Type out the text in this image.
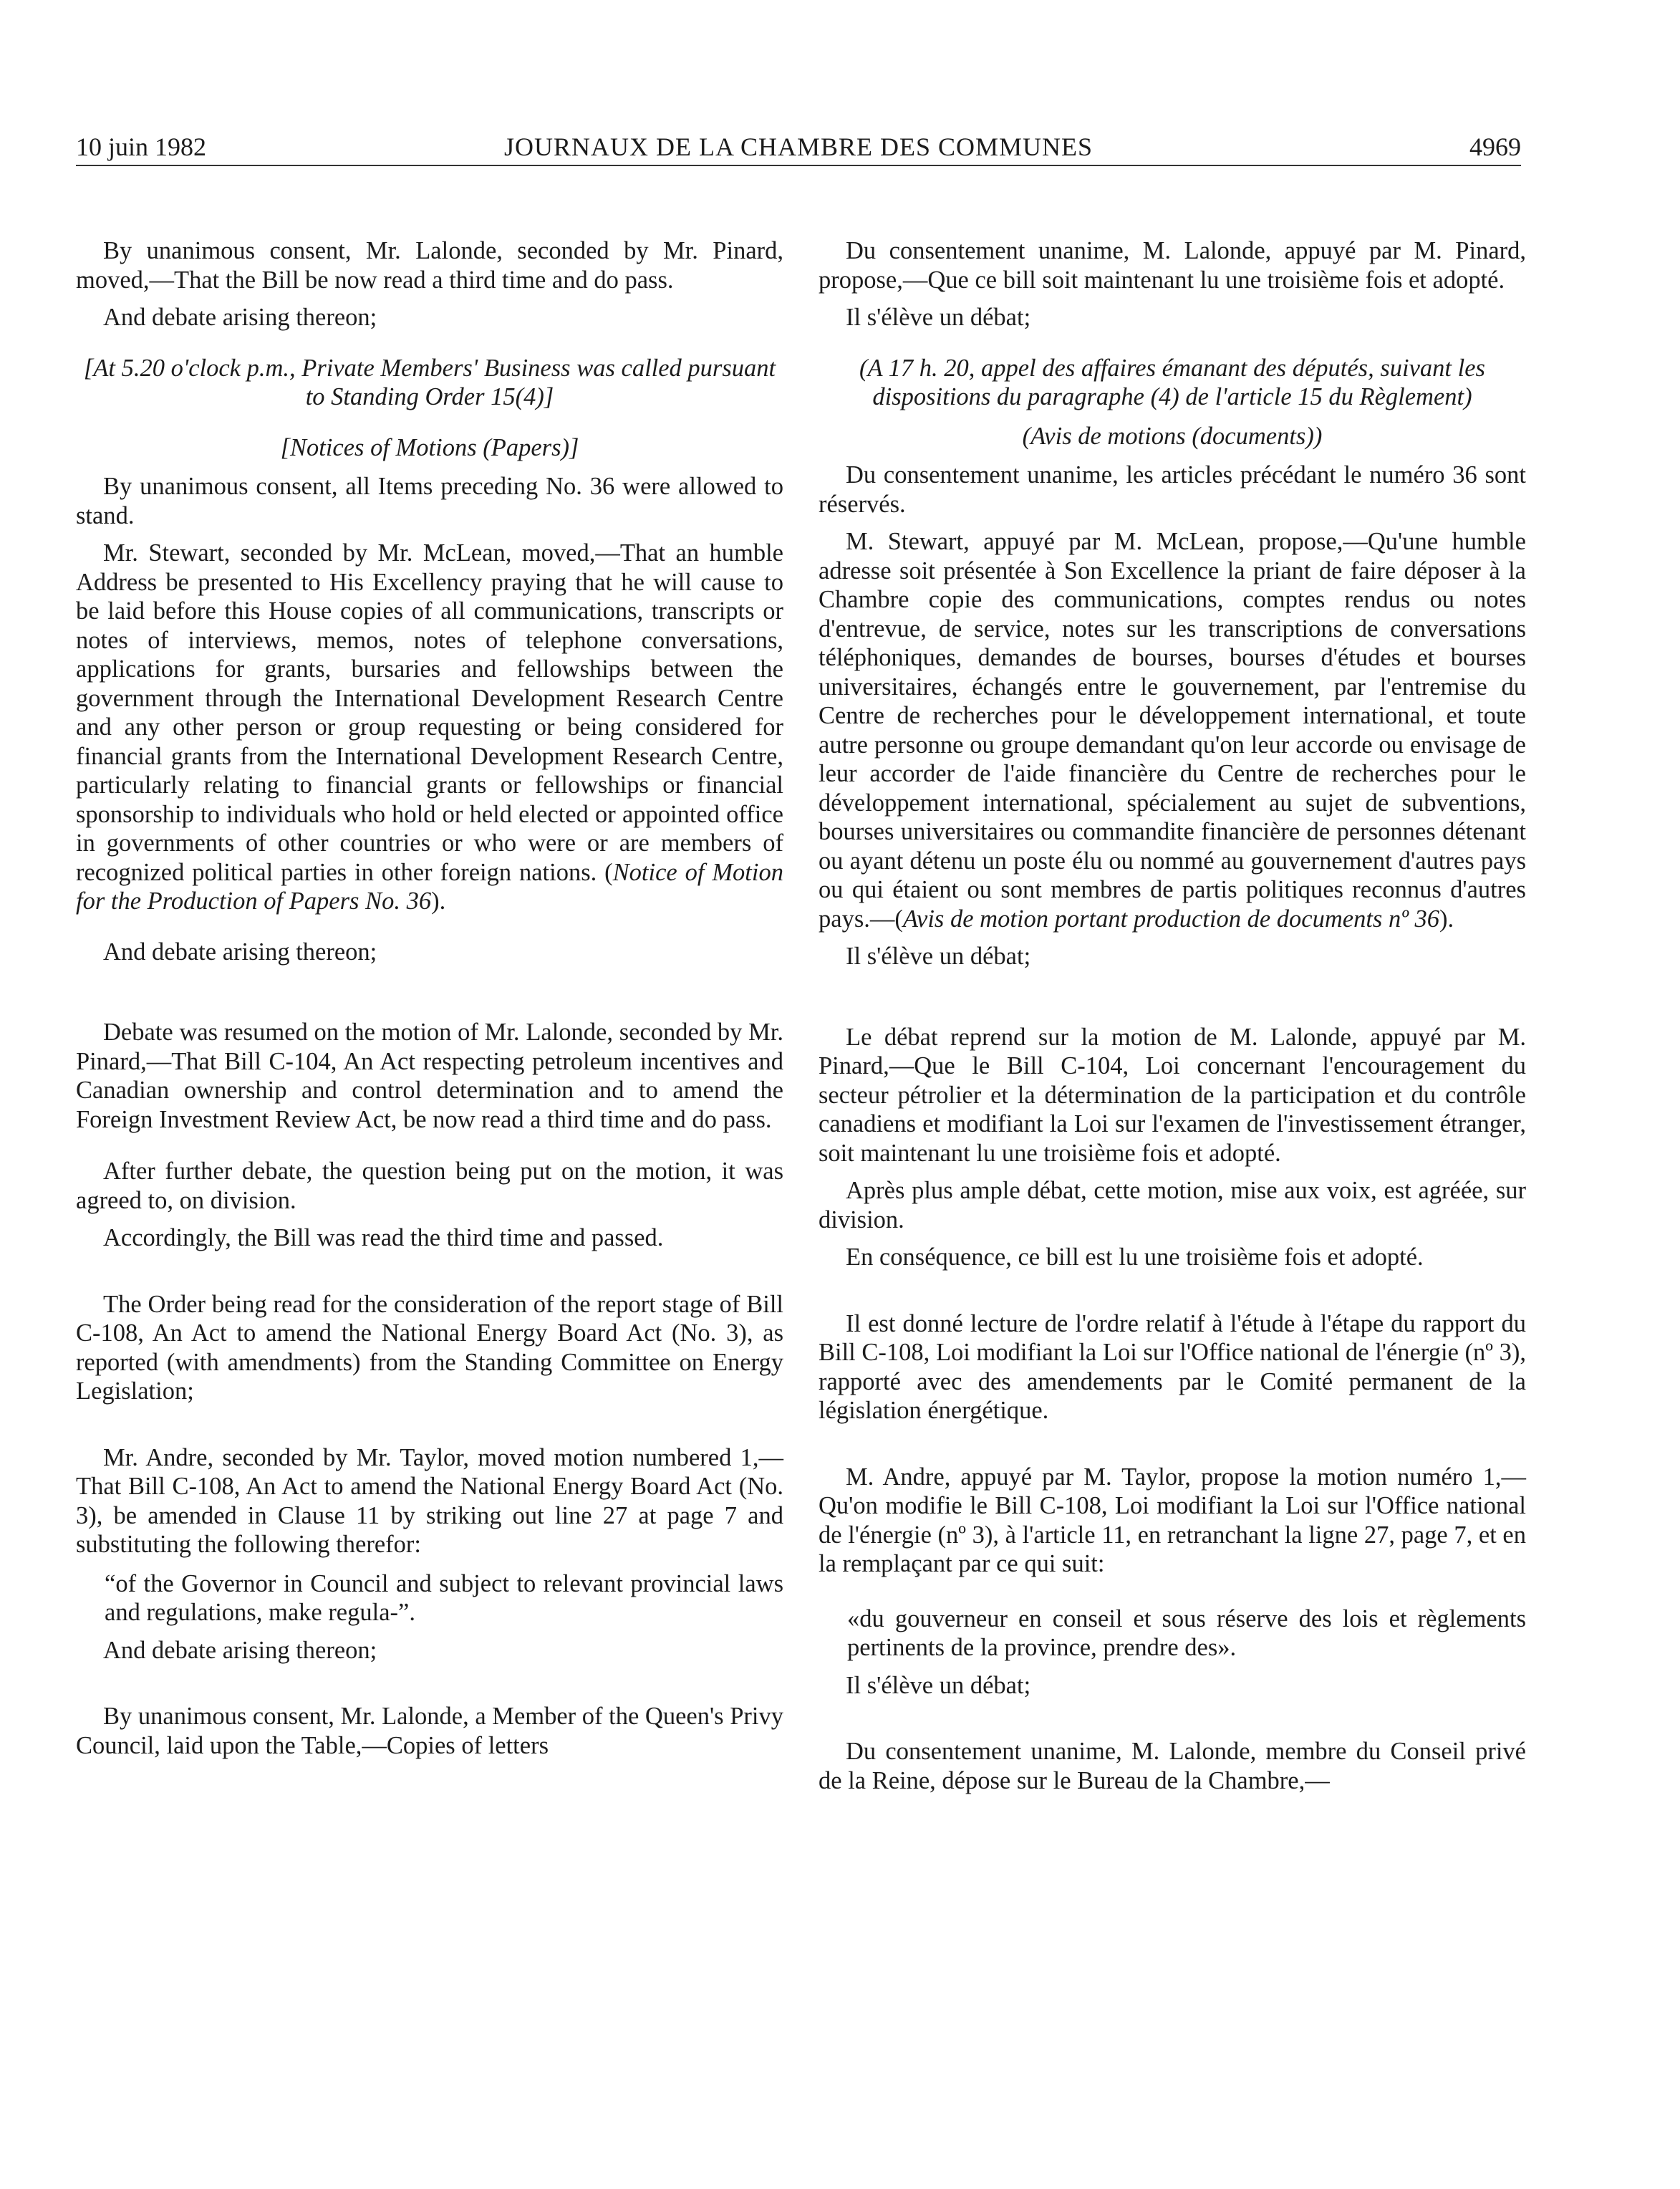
10 juin 1982	JOURNAUX DE LA CHAMBRE DES COMMUNES	4969

By unanimous consent, Mr. Lalonde, seconded by Mr. Pinard, moved,—That the Bill be now read a third time and do pass.

And debate arising thereon;

[At 5.20 o'clock p.m., Private Members' Business was called pursuant to Standing Order 15(4)]

[Notices of Motions (Papers)]

By unanimous consent, all Items preceding No. 36 were allowed to stand.

Mr. Stewart, seconded by Mr. McLean, moved,—That an humble Address be presented to His Excellency praying that he will cause to be laid before this House copies of all communications, transcripts or notes of interviews, memos, notes of telephone conversations, applications for grants, bursaries and fellowships between the government through the International Development Research Centre and any other person or group requesting or being considered for financial grants from the International Development Research Centre, particularly relating to financial grants or fellowships or financial sponsorship to individuals who hold or held elected or appointed office in governments of other countries or who were or are members of recognized political parties in other foreign nations. (Notice of Motion for the Production of Papers No. 36).

And debate arising thereon;

Debate was resumed on the motion of Mr. Lalonde, seconded by Mr. Pinard,—That Bill C-104, An Act respecting petroleum incentives and Canadian ownership and control determination and to amend the Foreign Investment Review Act, be now read a third time and do pass.

After further debate, the question being put on the motion, it was agreed to, on division.

Accordingly, the Bill was read the third time and passed.

The Order being read for the consideration of the report stage of Bill C-108, An Act to amend the National Energy Board Act (No. 3), as reported (with amendments) from the Standing Committee on Energy Legislation;

Mr. Andre, seconded by Mr. Taylor, moved motion numbered 1,—That Bill C-108, An Act to amend the National Energy Board Act (No. 3), be amended in Clause 11 by striking out line 27 at page 7 and substituting the following therefor:

“of the Governor in Council and subject to relevant provincial laws and regulations, make regula-”.

And debate arising thereon;

By unanimous consent, Mr. Lalonde, a Member of the Queen's Privy Council, laid upon the Table,—Copies of letters

Du consentement unanime, M. Lalonde, appuyé par M. Pinard, propose,—Que ce bill soit maintenant lu une troisième fois et adopté.

Il s'élève un débat;

(A 17 h. 20, appel des affaires émanant des députés, suivant les dispositions du paragraphe (4) de l'article 15 du Règlement)

(Avis de motions (documents))

Du consentement unanime, les articles précédant le numéro 36 sont réservés.

M. Stewart, appuyé par M. McLean, propose,—Qu'une humble adresse soit présentée à Son Excellence la priant de faire déposer à la Chambre copie des communications, comptes rendus ou notes d'entrevue, de service, notes sur les transcriptions de conversations téléphoniques, demandes de bourses, bourses d'études et bourses universitaires, échangés entre le gouvernement, par l'entremise du Centre de recherches pour le développement international, et toute autre personne ou groupe demandant qu'on leur accorde ou envisage de leur accorder de l'aide financière du Centre de recherches pour le développement international, spécialement au sujet de subventions, bourses universitaires ou commandite financière de personnes détenant ou ayant détenu un poste élu ou nommé au gouvernement d'autres pays ou qui étaient ou sont membres de partis politiques reconnus d'autres pays.—(Avis de motion portant production de documents nº 36).

Il s'élève un débat;

Le débat reprend sur la motion de M. Lalonde, appuyé par M. Pinard,—Que le Bill C-104, Loi concernant l'encouragement du secteur pétrolier et la détermination de la participation et du contrôle canadiens et modifiant la Loi sur l'examen de l'investissement étranger, soit maintenant lu une troisième fois et adopté.

Après plus ample débat, cette motion, mise aux voix, est agréée, sur division.

En conséquence, ce bill est lu une troisième fois et adopté.

Il est donné lecture de l'ordre relatif à l'étude à l'étape du rapport du Bill C-108, Loi modifiant la Loi sur l'Office national de l'énergie (nº 3), rapporté avec des amendements par le Comité permanent de la législation énergétique.

M. Andre, appuyé par M. Taylor, propose la motion numéro 1,—Qu'on modifie le Bill C-108, Loi modifiant la Loi sur l'Office national de l'énergie (nº 3), à l'article 11, en retranchant la ligne 27, page 7, et en la remplaçant par ce qui suit:

«du gouverneur en conseil et sous réserve des lois et règlements pertinents de la province, prendre des».

Il s'élève un débat;

Du consentement unanime, M. Lalonde, membre du Conseil privé de la Reine, dépose sur le Bureau de la Chambre,—
